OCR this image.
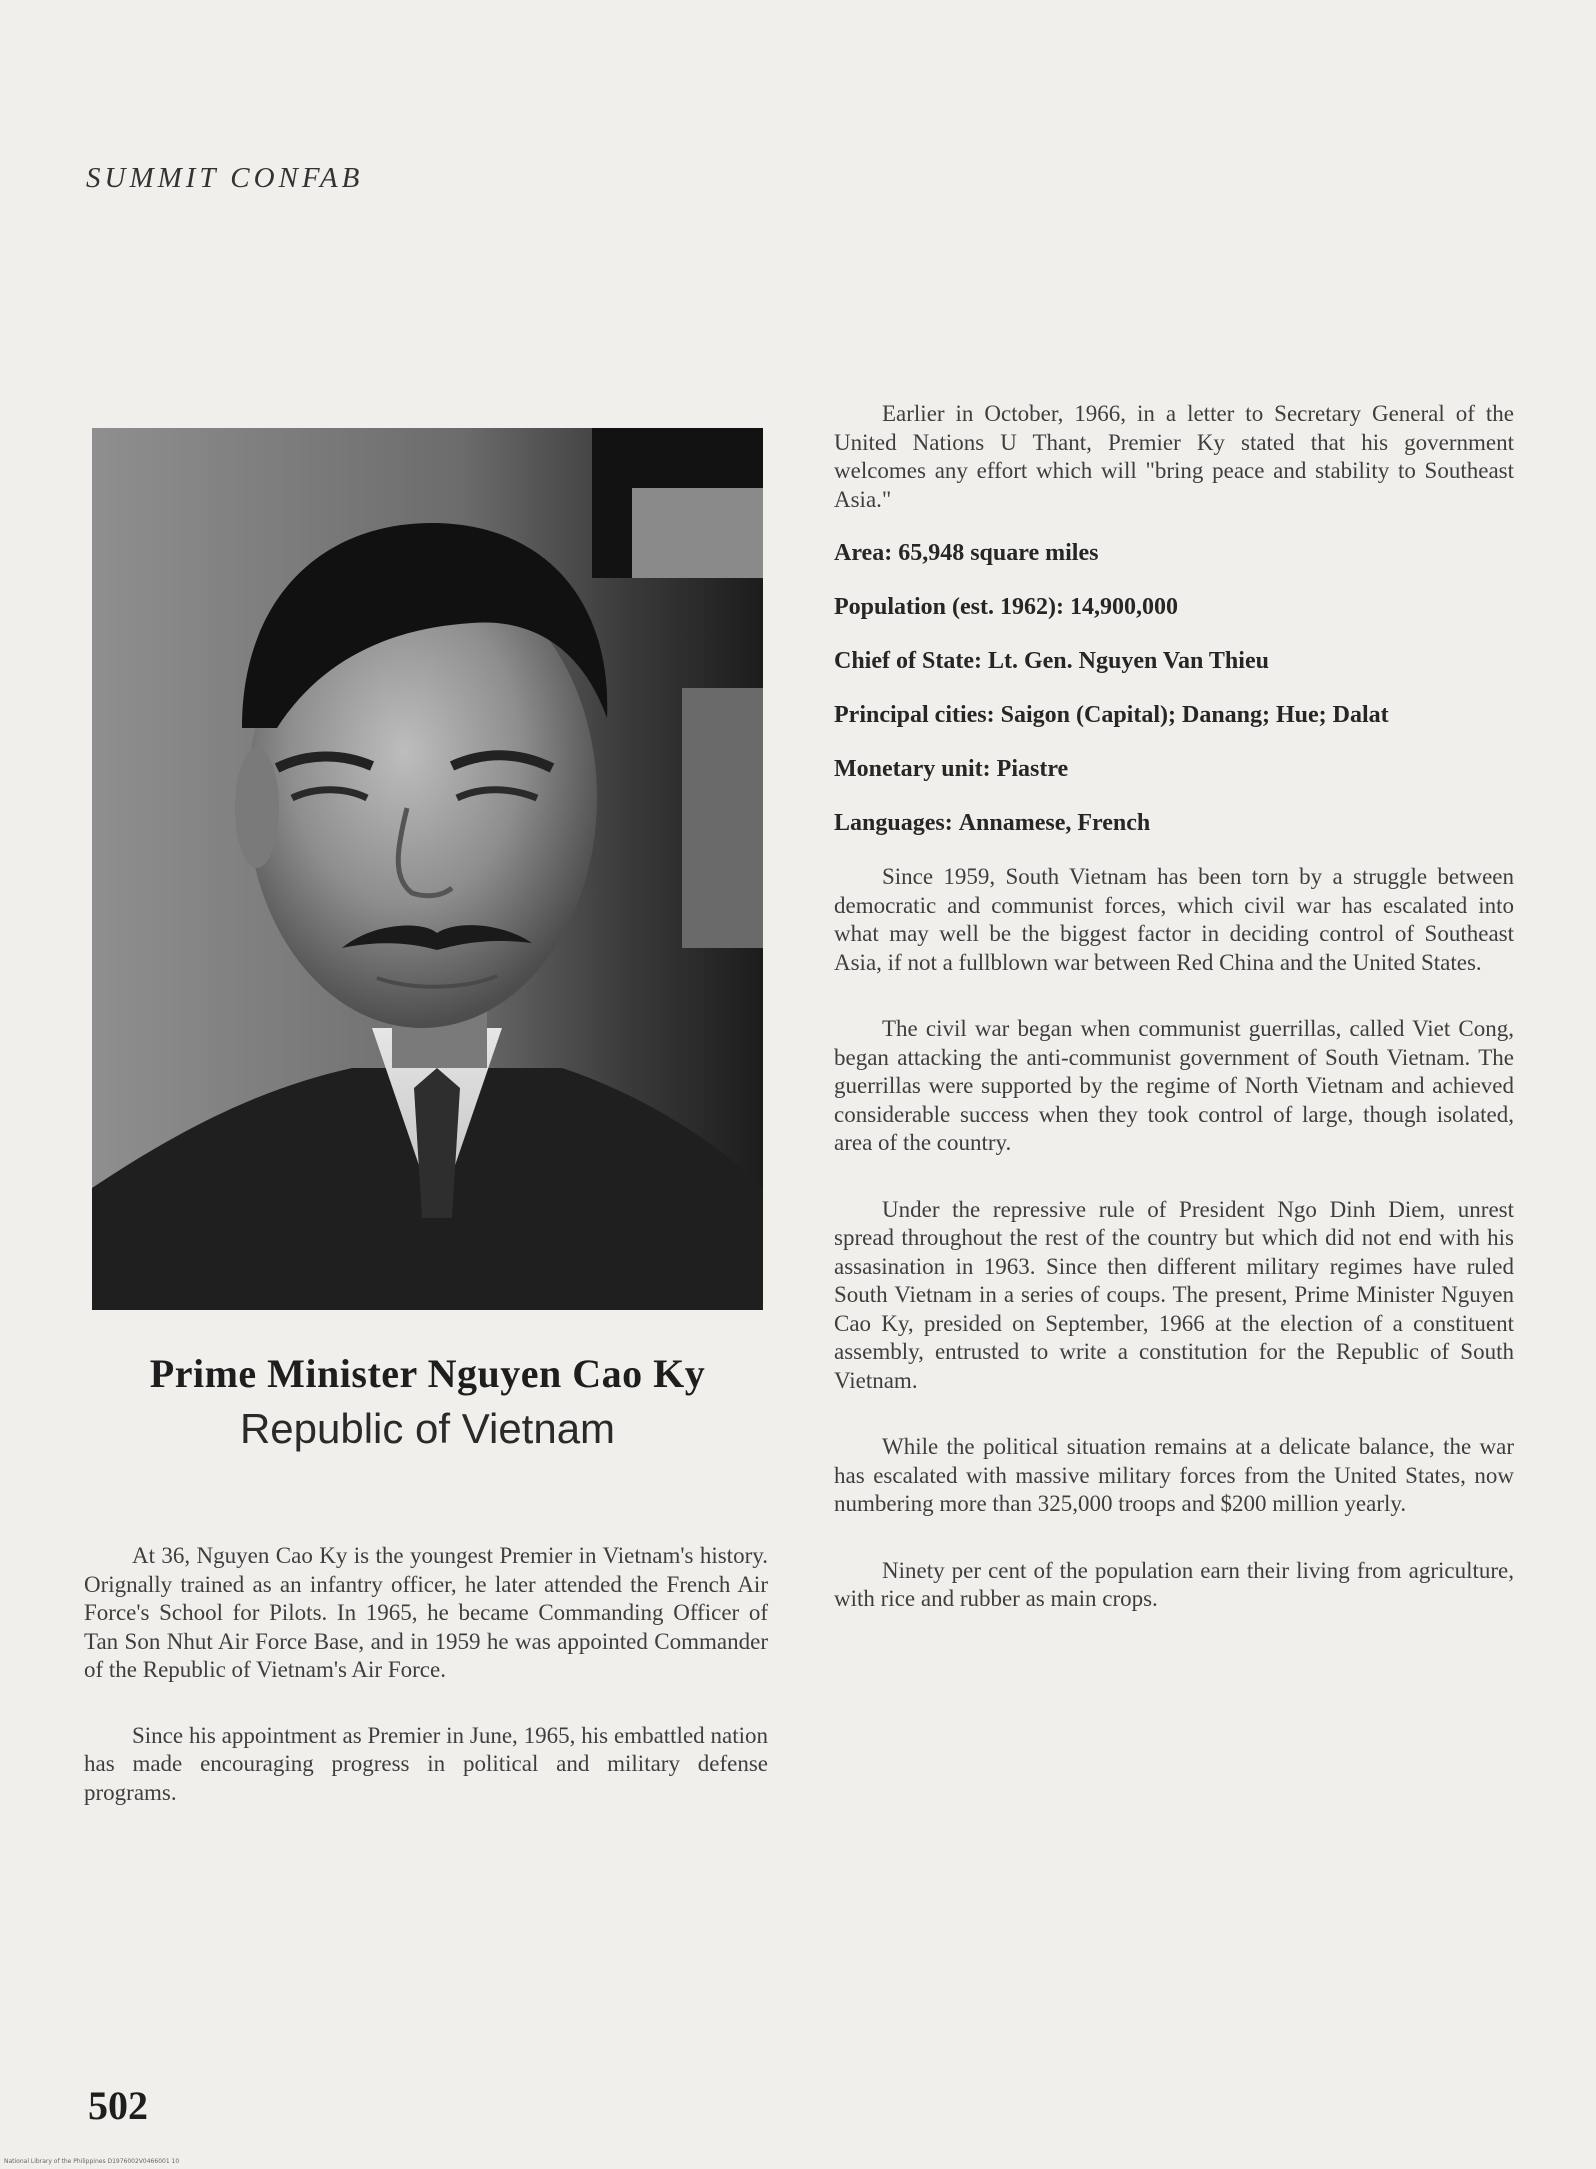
SUMMIT CONFAB
Prime Minister Nguyen Cao Ky
Republic of Vietnam

At 36, Nguyen Cao Ky is the youngest Premier in Vietnam's history. Orignally trained as an infantry officer, he later attended the French Air Force's School for Pilots. In 1965, he became Commanding Officer of Tan Son Nhut Air Force Base, and in 1959 he was appointed Commander of the Republic of Vietnam's Air Force.

Since his appointment as Premier in June, 1965, his embattled nation has made encouraging progress in political and military defense programs.

Earlier in October, 1966, in a letter to Secretary General of the United Nations U Thant, Premier Ky stated that his government welcomes any effort which will "bring peace and stability to Southeast Asia."

Area: 65,948 square miles
Population (est. 1962): 14,900,000
Chief of State: Lt. Gen. Nguyen Van Thieu
Principal cities: Saigon (Capital); Danang; Hue; Dalat
Monetary unit: Piastre
Languages: Annamese, French

Since 1959, South Vietnam has been torn by a struggle between democratic and communist forces, which civil war has escalated into what may well be the biggest factor in deciding control of Southeast Asia, if not a fullblown war between Red China and the United States.

The civil war began when communist guerrillas, called Viet Cong, began attacking the anti-communist government of South Vietnam. The guerrillas were supported by the regime of North Vietnam and achieved considerable success when they took control of large, though isolated, area of the country.

Under the repressive rule of President Ngo Dinh Diem, unrest spread throughout the rest of the country but which did not end with his assasination in 1963. Since then different military regimes have ruled South Vietnam in a series of coups. The present, Prime Minister Nguyen Cao Ky, presided on September, 1966 at the election of a constituent assembly, entrusted to write a constitution for the Republic of South Vietnam.

While the political situation remains at a delicate balance, the war has escalated with massive military forces from the United States, now numbering more than 325,000 troops and $200 million yearly.

Ninety per cent of the population earn their living from agriculture, with rice and rubber as main crops.

502
National Library of the Philippines D1976002V0466001 10
